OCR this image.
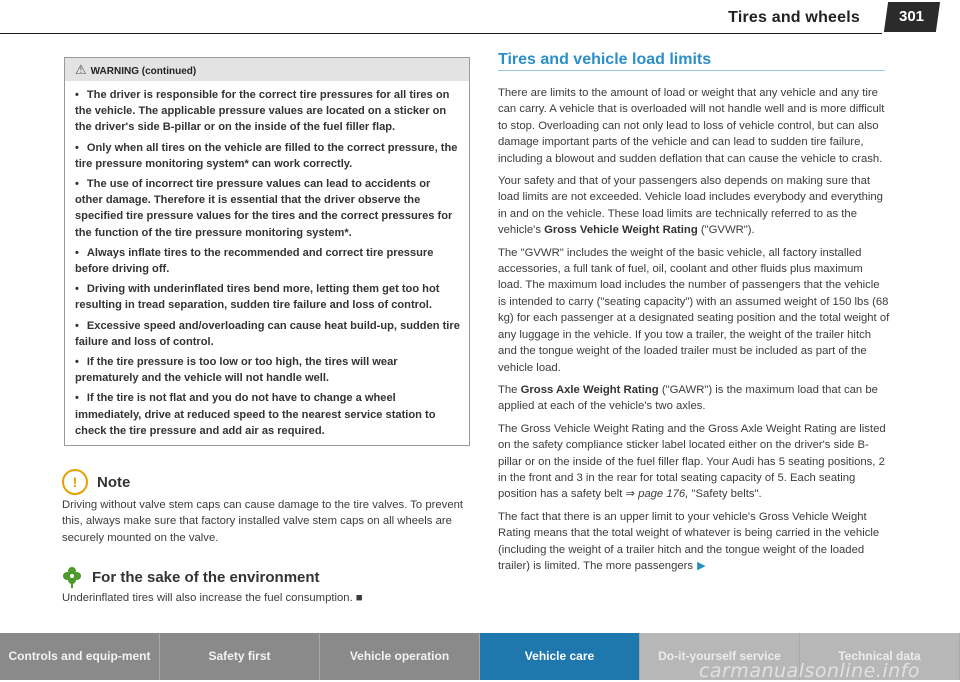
Tires and wheels	301
⚠ WARNING (continued)

• The driver is responsible for the correct tire pressures for all tires on the vehicle. The applicable pressure values are located on a sticker on the driver's side B-pillar or on the inside of the fuel filler flap.

• Only when all tires on the vehicle are filled to the correct pressure, the tire pressure monitoring system* can work correctly.

• The use of incorrect tire pressure values can lead to accidents or other damage. Therefore it is essential that the driver observe the specified tire pressure values for the tires and the correct pressures for the function of the tire pressure monitoring system*.

• Always inflate tires to the recommended and correct tire pressure before driving off.

• Driving with underinflated tires bend more, letting them get too hot resulting in tread separation, sudden tire failure and loss of control.

• Excessive speed and/overloading can cause heat build-up, sudden tire failure and loss of control.

• If the tire pressure is too low or too high, the tires will wear prematurely and the vehicle will not handle well.

• If the tire is not flat and you do not have to change a wheel immediately, drive at reduced speed to the nearest service station to check the tire pressure and add air as required.

!	Note

Driving without valve stem caps can cause damage to the tire valves. To prevent this, always make sure that factory installed valve stem caps on all wheels are securely mounted on the valve.

For the sake of the environment

Underinflated tires will also increase the fuel consumption. ■

Tires and vehicle load limits

There are limits to the amount of load or weight that any vehicle and any tire can carry. A vehicle that is overloaded will not handle well and is more difficult to stop. Overloading can not only lead to loss of vehicle control, but can also damage important parts of the vehicle and can lead to sudden tire failure, including a blowout and sudden deflation that can cause the vehicle to crash.

Your safety and that of your passengers also depends on making sure that load limits are not exceeded. Vehicle load includes everybody and everything in and on the vehicle. These load limits are technically referred to as the vehicle's Gross Vehicle Weight Rating ("GVWR").

The "GVWR" includes the weight of the basic vehicle, all factory installed accessories, a full tank of fuel, oil, coolant and other fluids plus maximum load. The maximum load includes the number of passengers that the vehicle is intended to carry ("seating capacity") with an assumed weight of 150 lbs (68 kg) for each passenger at a designated seating position and the total weight of any luggage in the vehicle. If you tow a trailer, the weight of the trailer hitch and the tongue weight of the loaded trailer must be included as part of the vehicle load.

The Gross Axle Weight Rating ("GAWR") is the maximum load that can be applied at each of the vehicle's two axles.

The Gross Vehicle Weight Rating and the Gross Axle Weight Rating are listed on the safety compliance sticker label located either on the driver's side B-pillar or on the inside of the fuel filler flap. Your Audi has 5 seating positions, 2 in the front and 3 in the rear for total seating capacity of 5. Each seating position has a safety belt ⇒ page 176, "Safety belts".

The fact that there is an upper limit to your vehicle's Gross Vehicle Weight Rating means that the total weight of whatever is being carried in the vehicle (including the weight of a trailer hitch and the tongue weight of the loaded trailer) is limited. The more passengers ▶

Controls and equip-ment	Safety first	Vehicle operation	Vehicle care	Do-it-yourself service	Technical data
carmanualsonline.info
